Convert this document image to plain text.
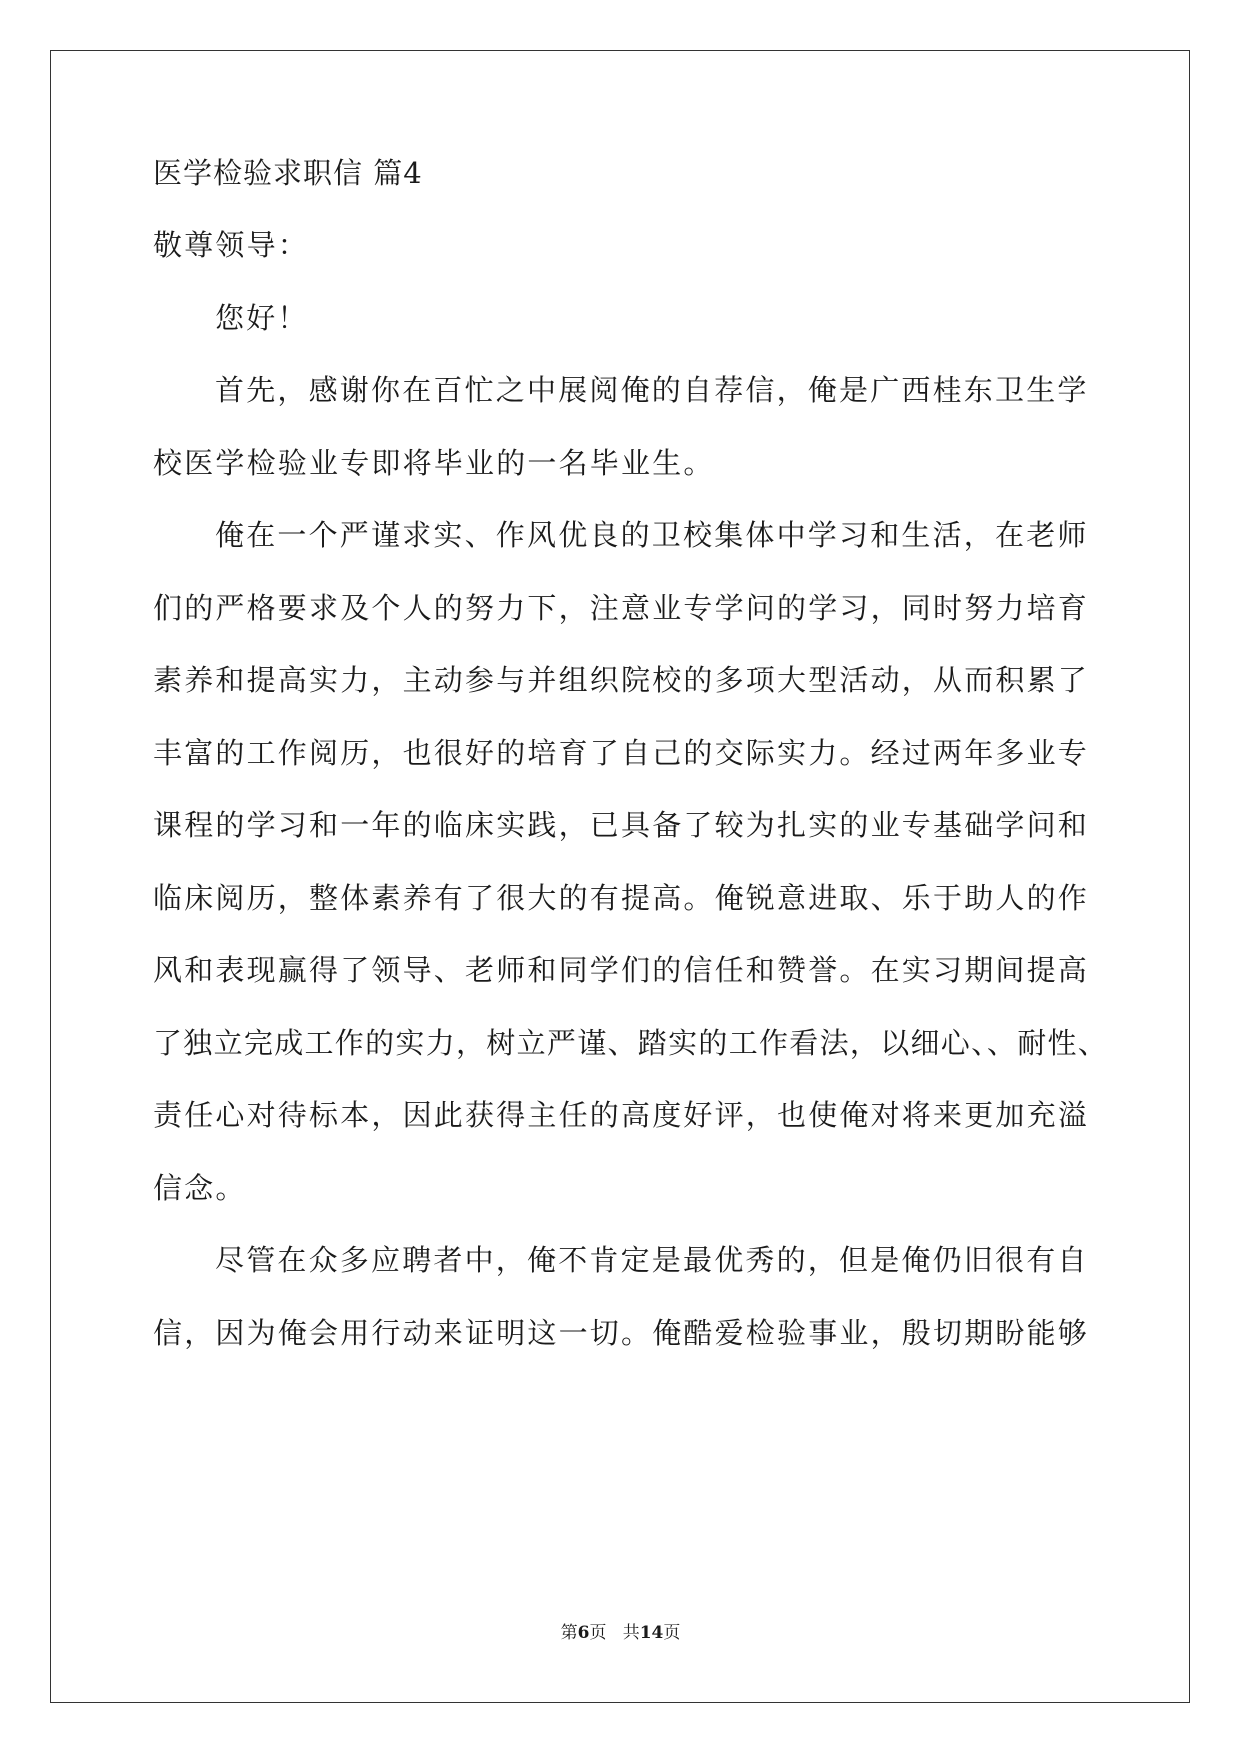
医学检验求职信 篇4

敬尊领导：

您好！

首先，感谢你在百忙之中展阅俺的自荐信，俺是广西桂东卫生学

校医学检验业专即将毕业的一名毕业生。

俺在一个严谨求实、作风优良的卫校集体中学习和生活，在老师

们的严格要求及个人的努力下，注意业专学问的学习，同时努力培育

素养和提高实力，主动参与并组织院校的多项大型活动，从而积累了

丰富的工作阅历，也很好的培育了自己的交际实力。经过两年多业专

课程的学习和一年的临床实践，已具备了较为扎实的业专基础学问和

临床阅历，整体素养有了很大的有提高。俺锐意进取、乐于助人的作

风和表现赢得了领导、老师和同学们的信任和赞誉。在实习期间提高

了独立完成工作的实力，树立严谨、踏实的工作看法，以细心、、耐性、

责任心对待标本，因此获得主任的高度好评，也使俺对将来更加充溢

信念。

尽管在众多应聘者中，俺不肯定是最优秀的，但是俺仍旧很有自

信，因为俺会用行动来证明这一切。俺酷爱检验事业，殷切期盼能够

第6页 共14页
